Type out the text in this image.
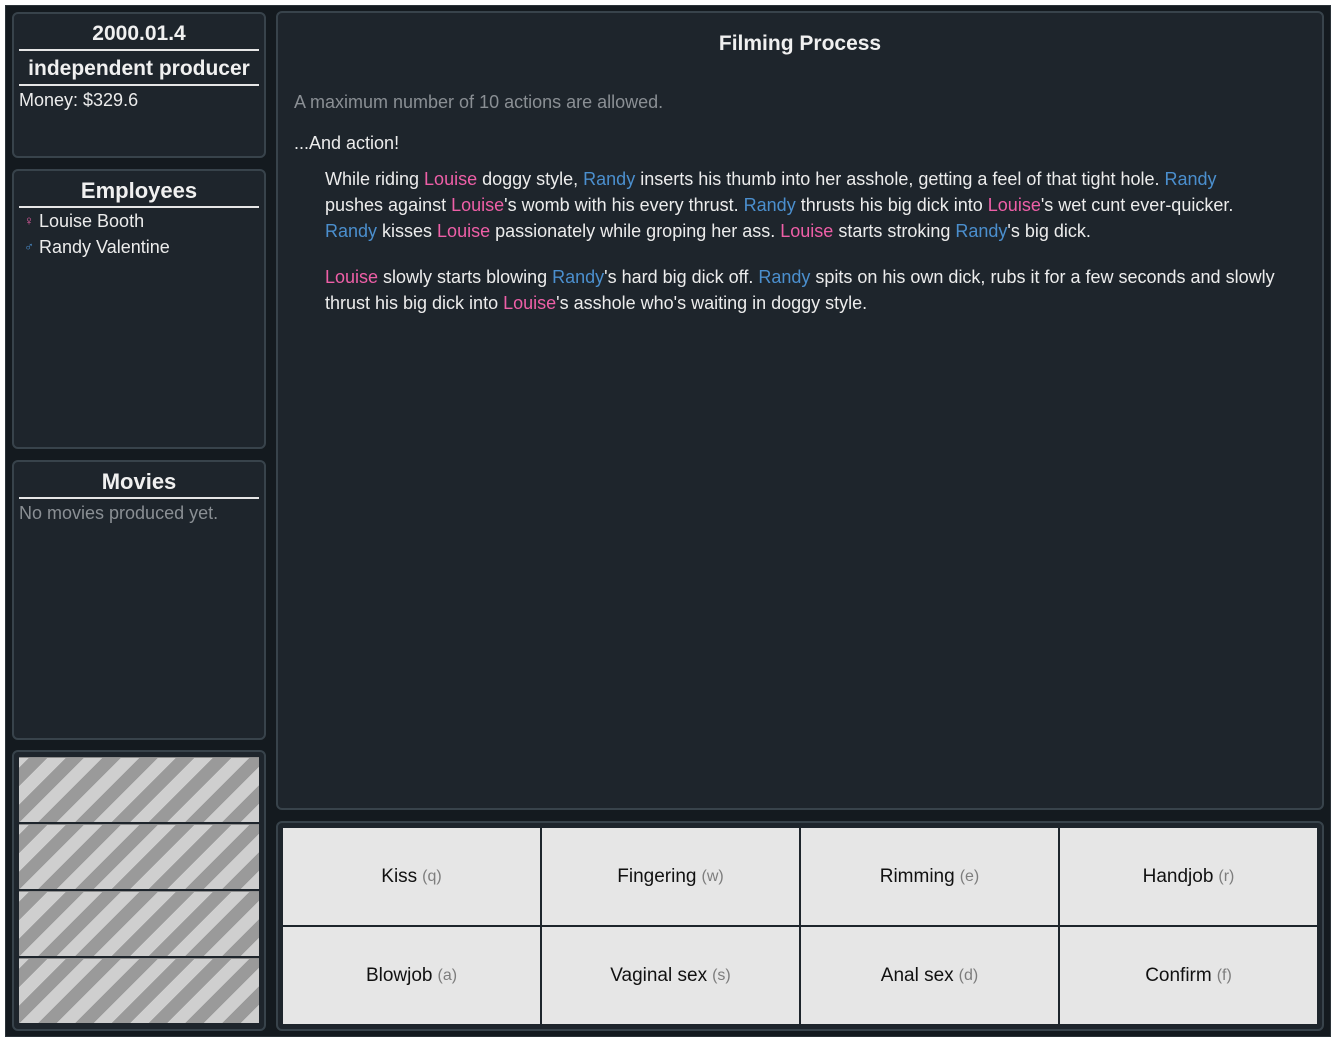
2000.01.4
independent producer
Money: $329.6
Employees
♀ Louise Booth
♂ Randy Valentine
Movies
No movies produced yet.
Filming Process
A maximum number of 10 actions are allowed.
...And action!
While riding Louise doggy style, Randy inserts his thumb into her asshole, getting a feel of that tight hole. Randy pushes against Louise's womb with his every thrust. Randy thrusts his big dick into Louise's wet cunt ever-quicker. Randy kisses Louise passionately while groping her ass. Louise starts stroking Randy's big dick.
Louise slowly starts blowing Randy's hard big dick off. Randy spits on his own dick, rubs it for a few seconds and slowly thrust his big dick into Louise's asshole who's waiting in doggy style.
Kiss (q)	Fingering (w)	Rimming (e)	Handjob (r)
Blowjob (a)	Vaginal sex (s)	Anal sex (d)	Confirm (f)
